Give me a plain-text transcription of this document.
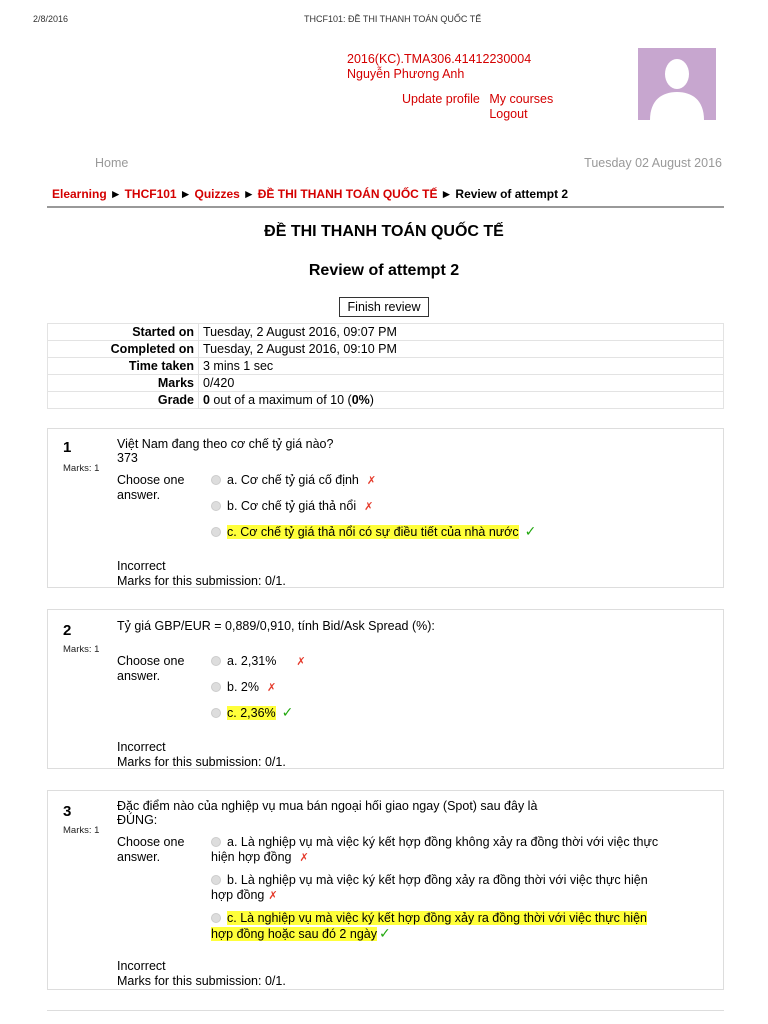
2/8/2016	THCF101: ĐỀ THI THANH TOÁN QUỐC TẾ
2016(KC).TMA306.41412230004
Nguyễn Phương Anh
Update profile My courses
Logout
Home	Tuesday 02 August 2016
Elearning ► THCF101 ► Quizzes ► ĐỀ THI THANH TOÁN QUỐC TẾ ► Review of attempt 2
ĐỀ THI THANH TOÁN QUỐC TẾ
Review of attempt 2
Finish review
Started on	Tuesday, 2 August 2016, 09:07 PM
Completed on	Tuesday, 2 August 2016, 09:10 PM
Time taken	3 mins 1 sec
Marks	0/420
Grade	0 out of a maximum of 10 (0%)
1
Marks: 1
Việt Nam đang theo cơ chế tỷ giá nào?373
Choose one answer.
a. Cơ chế tỷ giá cố định ✗
b. Cơ chế tỷ giá thả nổi ✗
c. Cơ chế tỷ giá thả nổi có sự điều tiết của nhà nước ✓
Incorrect
Marks for this submission: 0/1.
2
Marks: 1
Tỷ giá GBP/EUR = 0,889/0,910, tính Bid/Ask Spread (%):
Choose one answer.
a. 2,31% ✗
b. 2% ✗
c. 2,36% ✓
Incorrect
Marks for this submission: 0/1.
3
Marks: 1
Đặc điểm nào của nghiệp vụ mua bán ngoại hối giao ngay (Spot) sau đây là ĐÚNG:
Choose one answer.
a. Là nghiệp vụ mà việc ký kết hợp đồng không xảy ra đồng thời với việc thực hiện hợp đồng ✗
b. Là nghiệp vụ mà việc ký kết hợp đồng xảy ra đồng thời với việc thực hiện hợp đồng ✗
c. Là nghiệp vụ mà việc ký kết hợp đồng xảy ra đồng thời với việc thực hiện hợp đồng hoặc sau đó 2 ngày ✓
Incorrect
Marks for this submission: 0/1.
